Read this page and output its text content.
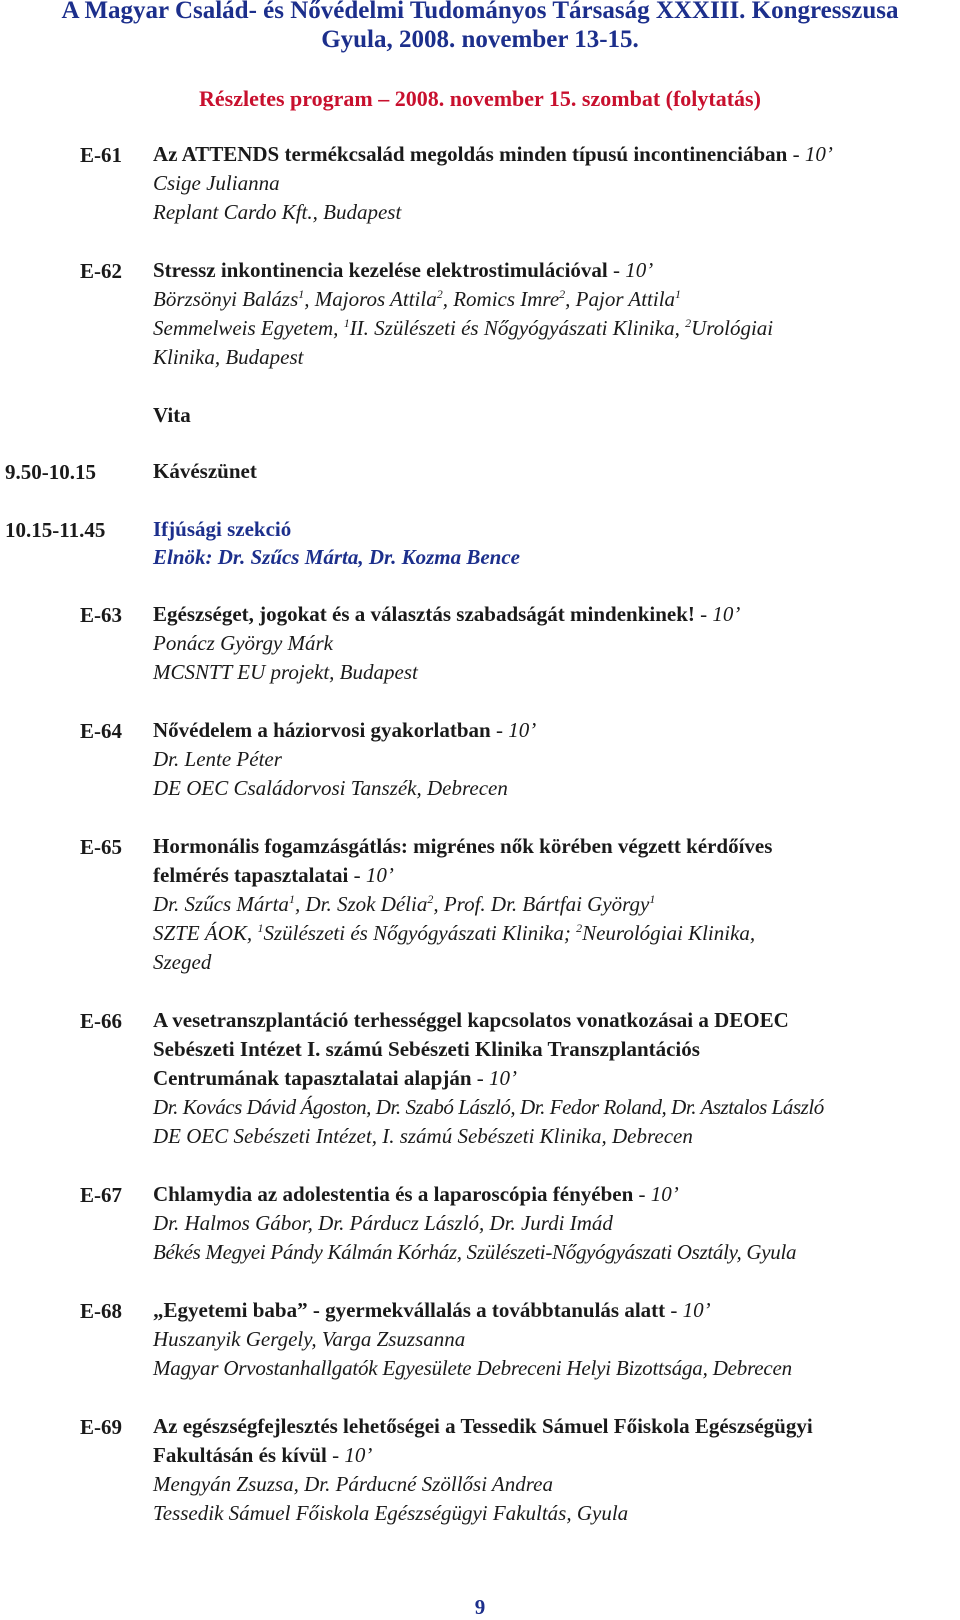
A Magyar Család- és Nővédelmi Tudományos Társaság XXXIII. Kongresszusa
Gyula, 2008. november 13-15.
Részletes program – 2008. november 15. szombat (folytatás)
E-61 Az ATTENDS termékcsalád megoldás minden típusú incontinenciában - 10’
Csige Julianna
Replant Cardo Kft., Budapest
E-62 Stressz inkontinencia kezelése elektrostimulációval - 10’
Börzsönyi Balázs$^1$, Majoros Attila$^2$, Romics Imre$^2$, Pajor Attila$^1$
Semmelweis Egyetem, $^1$II. Szülészeti és Nőgyógyászati Klinika, $^2$Urológiai
Klinika, Budapest
Vita
9.50-10.15	Kávészünet
10.15-11.45 Ifjúsági szekció
Elnök: Dr. Szűcs Márta, Dr. Kozma Bence
E-63 Egészséget, jogokat és a választás szabadságát mindenkinek! - 10’
Ponácz György Márk
MCSNTT EU projekt, Budapest
E-64 Nővédelem a háziorvosi gyakorlatban - 10’
Dr. Lente Péter
DE OEC Családorvosi Tanszék, Debrecen
E-65 Hormonális fogamzásgátlás: migrénes nők körében végzett kérdőíves
felmérés tapasztalatai - 10’
Dr. Szűcs Márta$^1$, Dr. Szok Délia$^2$, Prof. Dr. Bártfai György$^1$
SZTE ÁOK, $^1$Szülészeti és Nőgyógyászati Klinika; $^2$Neurológiai Klinika,
Szeged
E-66 A vesetranszplantáció terhességgel kapcsolatos vonatkozásai a DEOEC
Sebészeti Intézet I. számú Sebészeti Klinika Transzplantációs
Centrumának tapasztalatai alapján - 10’
Dr. Kovács Dávid Ágoston, Dr. Szabó László, Dr. Fedor Roland, Dr. Asztalos László
DE OEC Sebészeti Intézet, I. számú Sebészeti Klinika, Debrecen
E-67 Chlamydia az adolestentia és a laparoscópia fényében - 10’
Dr. Halmos Gábor, Dr. Párducz László, Dr. Jurdi Imád
Békés Megyei Pándy Kálmán Kórház, Szülészeti-Nőgyógyászati Osztály, Gyula
E-68 „Egyetemi baba” - gyermekvállalás a továbbtanulás alatt - 10’
Huszanyik Gergely, Varga Zsuzsanna
Magyar Orvostanhallgatók Egyesülete Debreceni Helyi Bizottsága, Debrecen
E-69 Az egészségfejlesztés lehetőségei a Tessedik Sámuel Főiskola Egészségügyi
Fakultásán és kívül - 10’
Mengyán Zsuzsa, Dr. Párducné Szöllősi Andrea
Tessedik Sámuel Főiskola Egészségügyi Fakultás, Gyula
9
